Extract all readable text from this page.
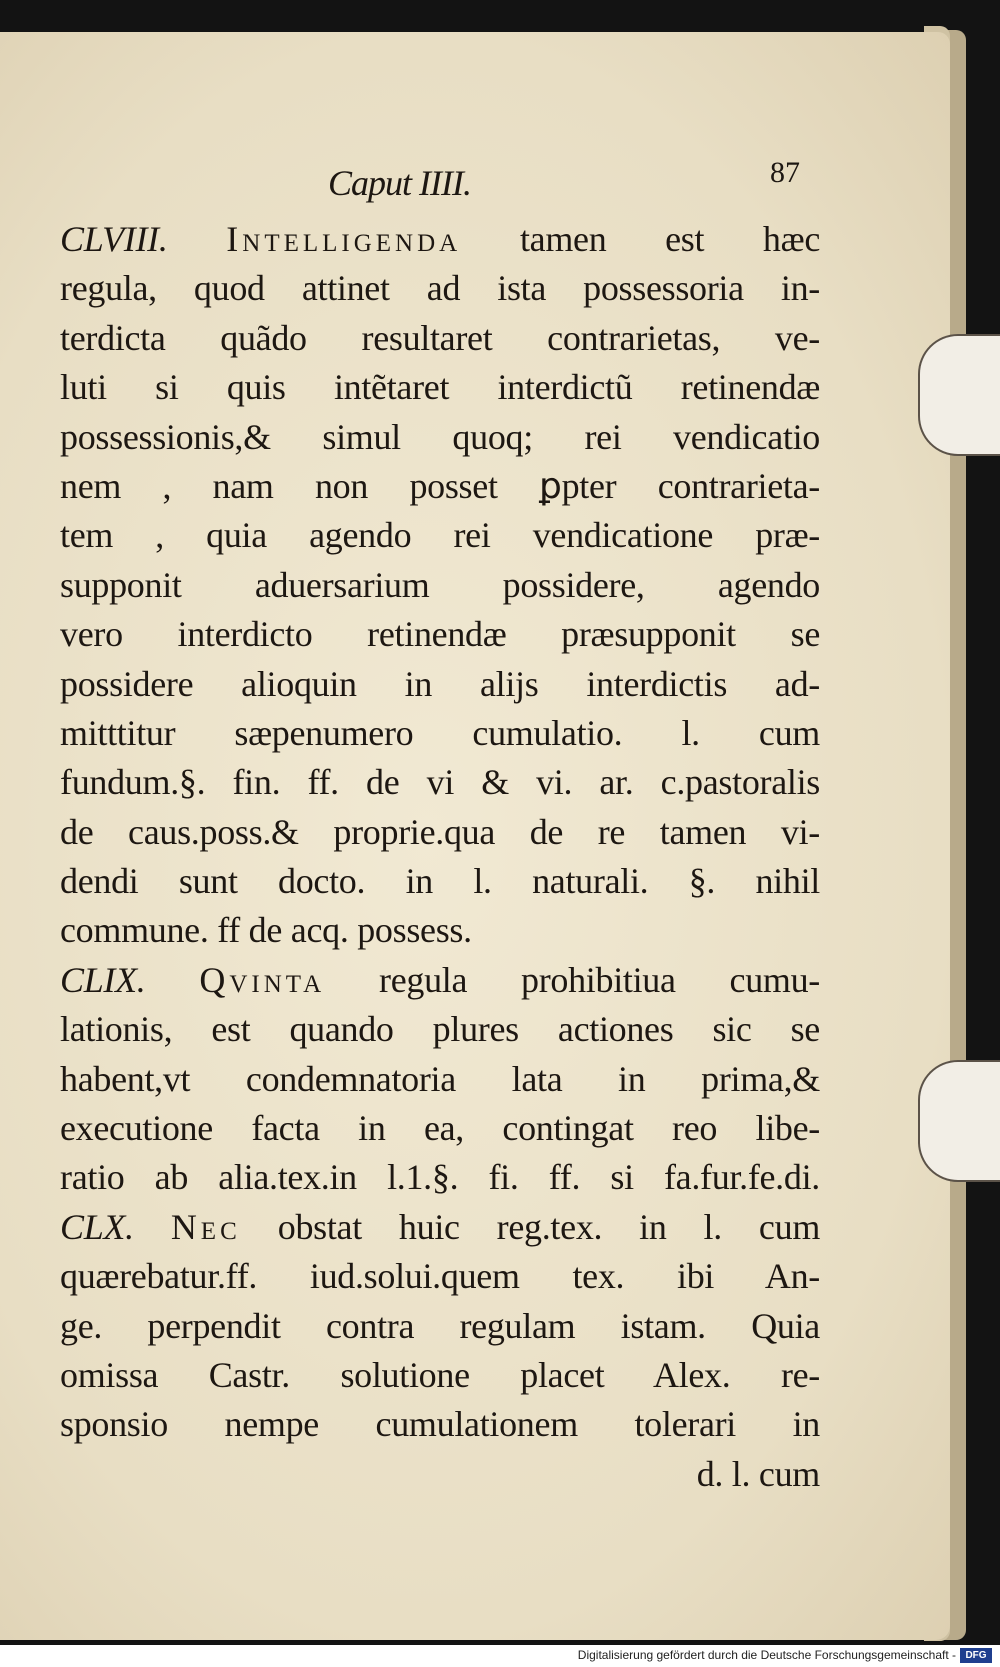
Caput IIII.	87
CLVIII. Intelligenda tamen est hæc
regula, quod attinet ad ista possessoria in-
terdicta quãdo resultaret contrarietas, ve-
luti si quis intẽtaret interdictũ retinendæ
possessionis,& simul quoq; rei vendicatio
nem , nam non posset ꝑpter contrarieta-
tem , quia agendo rei vendicatione præ-
supponit aduersarium possidere, agendo
vero interdicto retinendæ præsupponit se
possidere alioquin in alijs interdictis ad-
mitttitur sæpenumero cumulatio. l. cum
fundum.§. fin. ff. de vi & vi. ar. c.pastoralis
de caus.poss.& proprie.qua de re tamen vi-
dendi sunt docto. in l. naturali. §. nihil
commune. ff de acq. possess.
CLIX. Qvinta regula prohibitiua cumu-
lationis, est quando plures actiones sic se
habent,vt condemnatoria lata in prima,&
executione facta in ea, contingat reo libe-
ratio ab alia.tex.in l.1.§. fi. ff. si fa.fur.fe.di.
CLX. Nec obstat huic reg.tex. in l. cum
quærebatur.ff. iud.solui.quem tex. ibi An-
ge. perpendit contra regulam istam. Quia
omissa Castr. solutione placet Alex. re-
sponsio nempe cumulationem tolerari in
d. l. cum
Digitalisierung gefördert durch die Deutsche Forschungsgemeinschaft - DFG
